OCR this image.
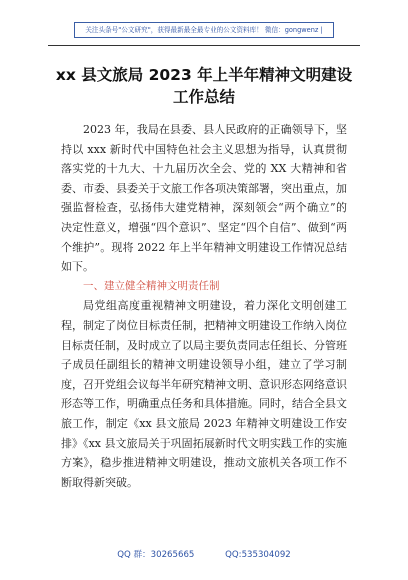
关注头条号"公文研究"，获得最新最全最专业的公文资料库！ 微信：gongwenz |
xx 县文旅局 2023 年上半年精神文明建设
工作总结

2023 年，我局在县委、县人民政府的正确领导下，坚持以 xxx 新时代中国特色社会主义思想为指导，认真贯彻落实党的十九大、十九届历次全会、党的 XX 大精神和省委、市委、县委关于文旅工作各项决策部署，突出重点，加强监督检查，弘扬伟大建党精神，深刻领会“两个确立”的决定性意义，增强“四个意识”、坚定“四个自信”、做到“两个维护”。现将 2022 年上半年精神文明建设工作情况总结如下。

一、建立健全精神文明责任制

局党组高度重视精神文明建设，着力深化文明创建工程，制定了岗位目标责任制，把精神文明建设工作纳入岗位目标责任制，及时成立了以局主要负责同志任组长、分管班子成员任副组长的精神文明建设领导小组，建立了学习制度，召开党组会议每半年研究精神文明、意识形态网络意识形态等工作，明确重点任务和具体措施。同时，结合全县文旅工作，制定《xx 县文旅局 2023 年精神文明建设工作安排》《xx 县文旅局关于巩固拓展新时代文明实践工作的实施方案》，稳步推进精神文明建设，推动文旅机关各项工作不断取得新突破。

QQ 群：30265665	QQ:535304092
